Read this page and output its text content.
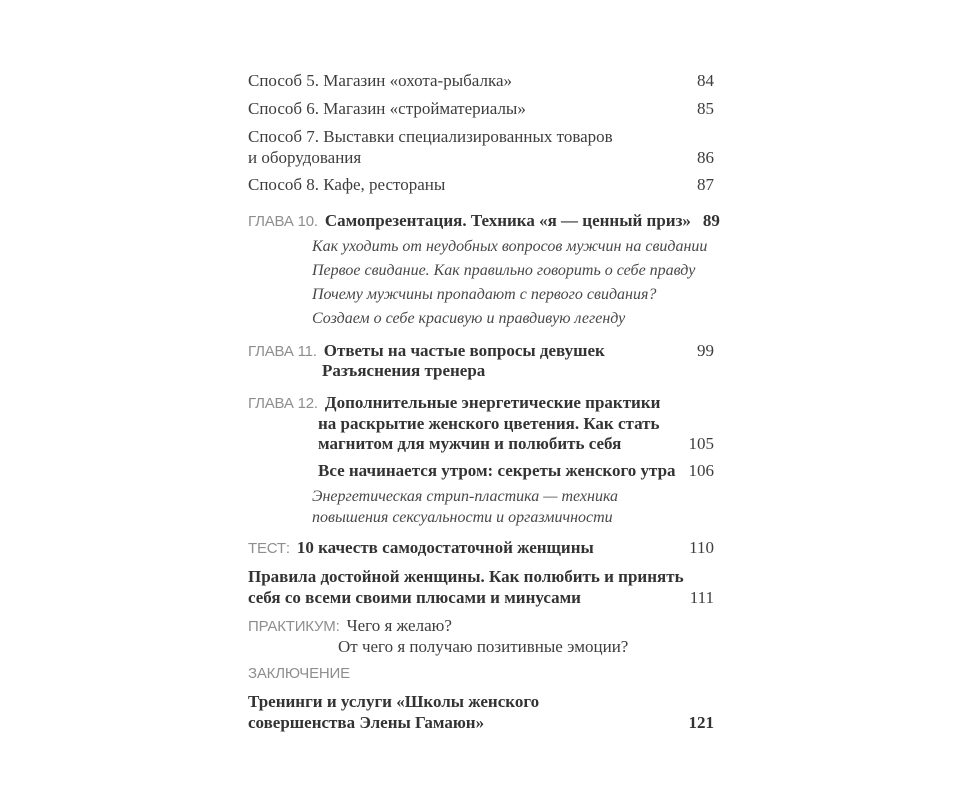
Способ 5. Магазин «охота-рыбалка»	84
Способ 6. Магазин «стройматериалы»	85
Способ 7. Выставки специализированных товаров
и оборудования	86
Способ 8. Кафе, рестораны	87
ГЛАВА 10. Самопрезентация. Техника «я — ценный приз» 89
Как уходить от неудобных вопросов мужчин на свидании
Первое свидание. Как правильно говорить о себе правду
Почему мужчины пропадают с первого свидания?
Создаем о себе красивую и правдивую легенду
ГЛАВА 11. Ответы на частые вопросы девушек	99
Разъяснения тренера
ГЛАВА 12. Дополнительные энергетические практики
на раскрытие женского цветения. Как стать
магнитом для мужчин и полюбить себя	105
Все начинается утром: секреты женского утра 106
Энергетическая стрип-пластика — техника
повышения сексуальности и оргазмичности
ТЕСТ: 10 качеств самодостаточной женщины	110
Правила достойной женщины. Как полюбить и принять
себя со всеми своими плюсами и минусами	111
ПРАКТИКУМ: Чего я желаю?
От чего я получаю позитивные эмоции?
ЗАКЛЮЧЕНИЕ
Тренинги и услуги «Школы женского
совершенства Элены Гамаюн»	121
